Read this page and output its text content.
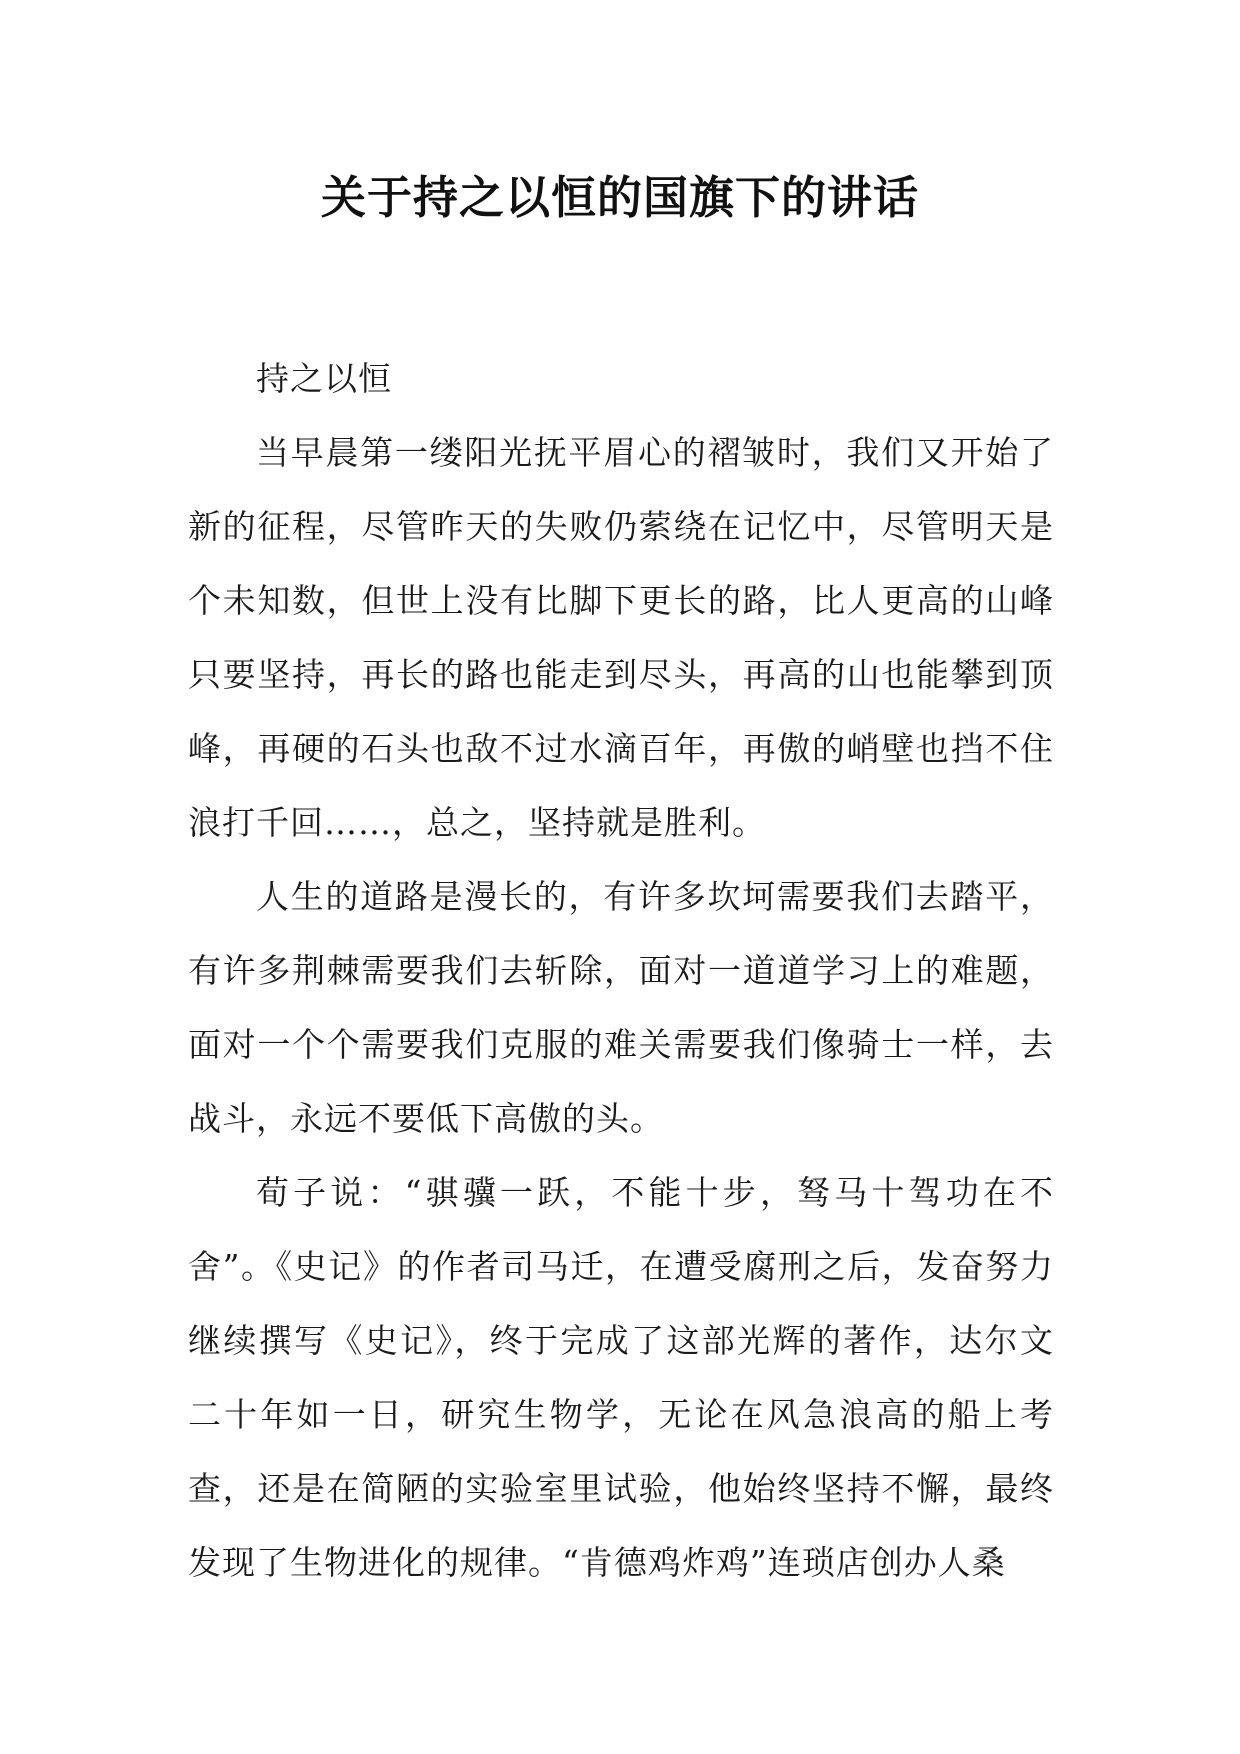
关于持之以恒的国旗下的讲话

持之以恒

当早晨第一缕阳光抚平眉心的褶皱时，我们又开始了新的征程，尽管昨天的失败仍萦绕在记忆中，尽管明天是个未知数，但世上没有比脚下更长的路，比人更高的山峰只要坚持，再长的路也能走到尽头，再高的山也能攀到顶峰，再硬的石头也敌不过水滴百年，再傲的峭壁也挡不住浪打千回……，总之，坚持就是胜利。

人生的道路是漫长的，有许多坎坷需要我们去踏平，有许多荆棘需要我们去斩除，面对一道道学习上的难题，面对一个个需要我们克服的难关需要我们像骑士一样，去战斗，永远不要低下高傲的头。

荀子说：“骐骥一跃，不能十步，驽马十驾功在不舍”。《史记》的作者司马迁，在遭受腐刑之后，发奋努力继续撰写《史记》，终于完成了这部光辉的著作，达尔文二十年如一日，研究生物学，无论在风急浪高的船上考查，还是在简陋的实验室里试验，他始终坚持不懈，最终发现了生物进化的规律。“肯德鸡炸鸡”连琐店创办人桑
